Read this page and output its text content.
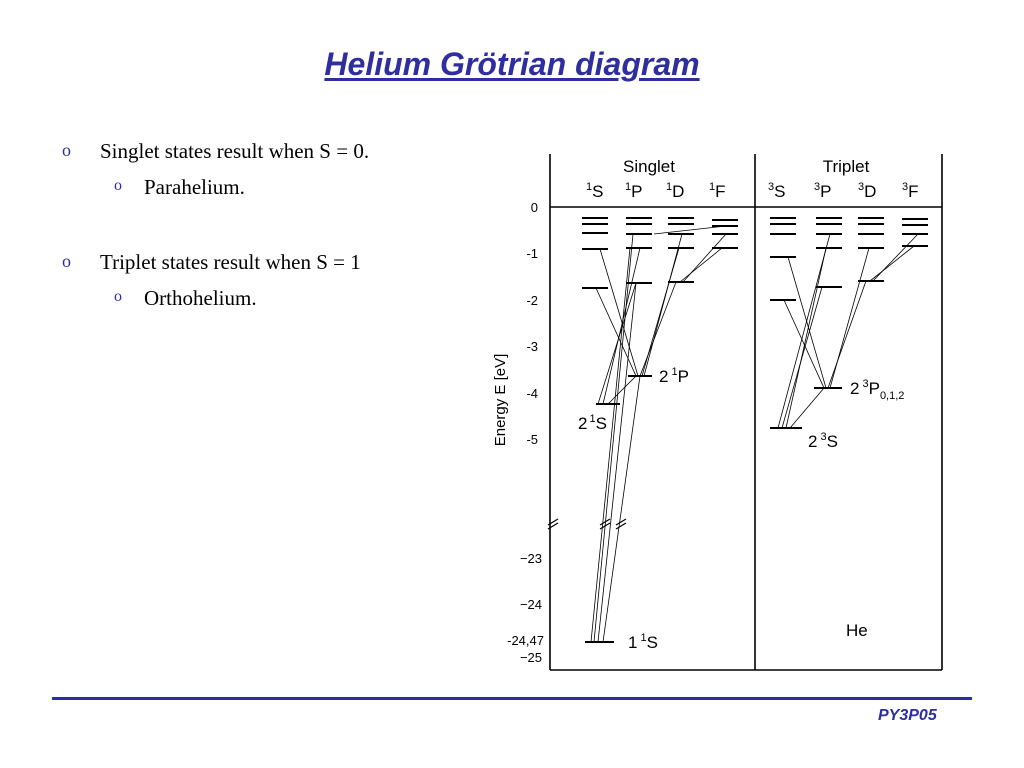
Helium Grötrian diagram
o Singlet states result when S = 0.
o Parahelium.
o Triplet states result when S = 1
o Orthohelium.
Singlet	Triplet
$^1$S $^1$P $^1$D $^1$F	$^3$S	$^3$P $^3$D $^3$F
Energy E [eV]
0
-1
-2
-3
-4
-5
−23
−24
-24,47
−25
2 $^1$P
2 $^1$S
1 $^1$S
2 $^3P_{0,1,2}$
2 $^3$S
He
PY3P05
